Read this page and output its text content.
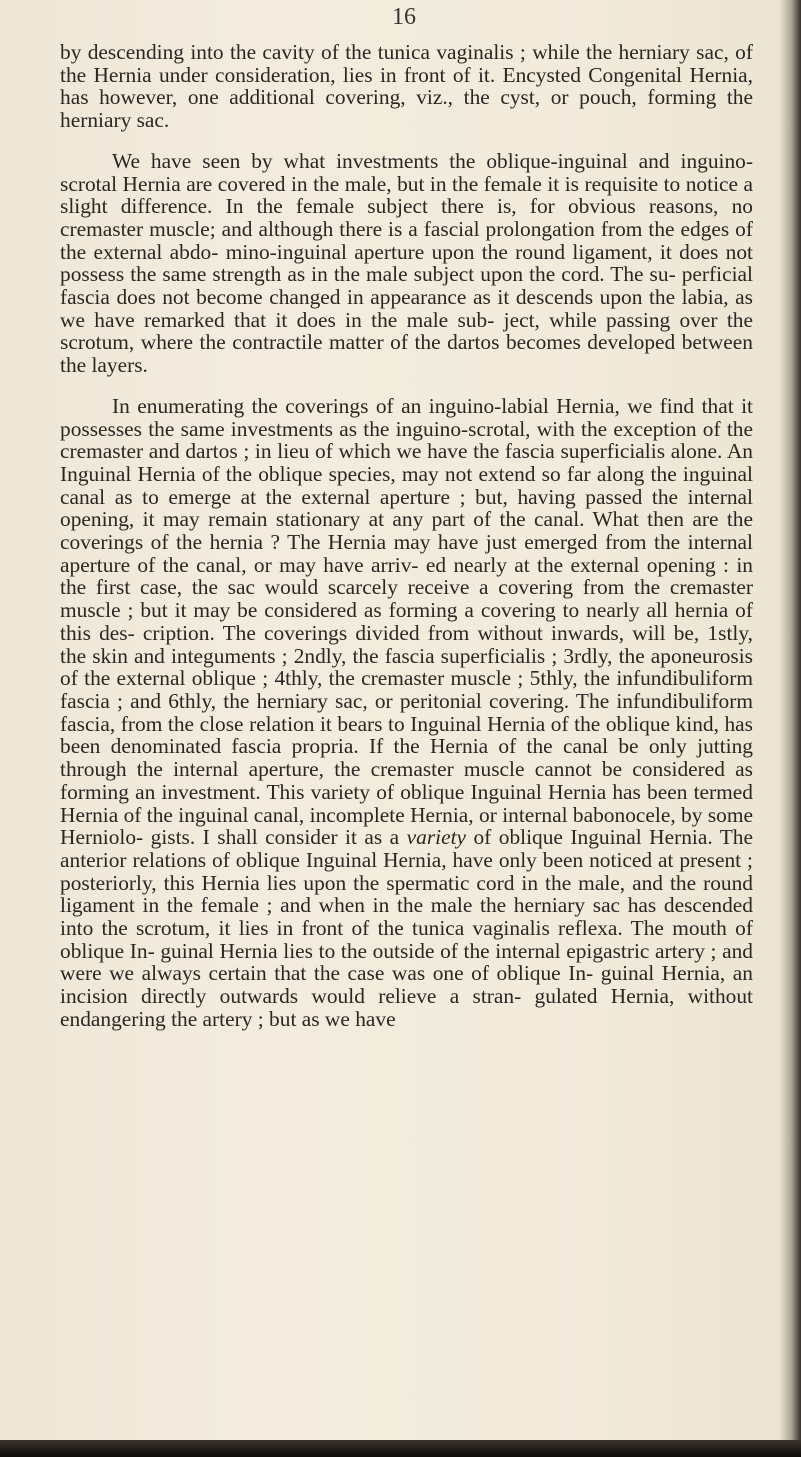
16

by descending into the cavity of the tunica vaginalis ; while the herniary sac, of the Hernia under consideration, lies in front of it. Encysted Congenital Hernia, has however, one additional covering, viz., the cyst, or pouch, forming the herniary sac.

We have seen by what investments the oblique-inguinal and inguino-scrotal Hernia are covered in the male, but in the female it is requisite to notice a slight difference. In the female subject there is, for obvious reasons, no cremaster muscle; and although there is a fascial prolongation from the edges of the external abdo- mino-inguinal aperture upon the round ligament, it does not possess the same strength as in the male subject upon the cord. The su- perficial fascia does not become changed in appearance as it descends upon the labia, as we have remarked that it does in the male sub- ject, while passing over the scrotum, where the contractile matter of the dartos becomes developed between the layers.

In enumerating the coverings of an inguino-labial Hernia, we find that it possesses the same investments as the inguino-scrotal, with the exception of the cremaster and dartos ; in lieu of which we have the fascia superficialis alone. An Inguinal Hernia of the oblique species, may not extend so far along the inguinal canal as to emerge at the external aperture ; but, having passed the internal opening, it may remain stationary at any part of the canal. What then are the coverings of the hernia ? The Hernia may have just emerged from the internal aperture of the canal, or may have arriv- ed nearly at the external opening : in the first case, the sac would scarcely receive a covering from the cremaster muscle ; but it may be considered as forming a covering to nearly all hernia of this des- cription. The coverings divided from without inwards, will be, 1stly, the skin and integuments ; 2ndly, the fascia superficialis ; 3rdly, the aponeurosis of the external oblique ; 4thly, the cremaster muscle ; 5thly, the infundibuliform fascia ; and 6thly, the herniary sac, or peritonial covering. The infundibuliform fascia, from the close relation it bears to Inguinal Hernia of the oblique kind, has been denominated fascia propria. If the Hernia of the canal be only jutting through the internal aperture, the cremaster muscle cannot be considered as forming an investment. This variety of oblique Inguinal Hernia has been termed Hernia of the inguinal canal, incomplete Hernia, or internal babonocele, by some Herniolo- gists. I shall consider it as a variety of oblique Inguinal Hernia. The anterior relations of oblique Inguinal Hernia, have only been noticed at present ; posteriorly, this Hernia lies upon the spermatic cord in the male, and the round ligament in the female ; and when in the male the herniary sac has descended into the scrotum, it lies in front of the tunica vaginalis reflexa. The mouth of oblique In- guinal Hernia lies to the outside of the internal epigastric artery ; and were we always certain that the case was one of oblique In- guinal Hernia, an incision directly outwards would relieve a stran- gulated Hernia, without endangering the artery ; but as we have
